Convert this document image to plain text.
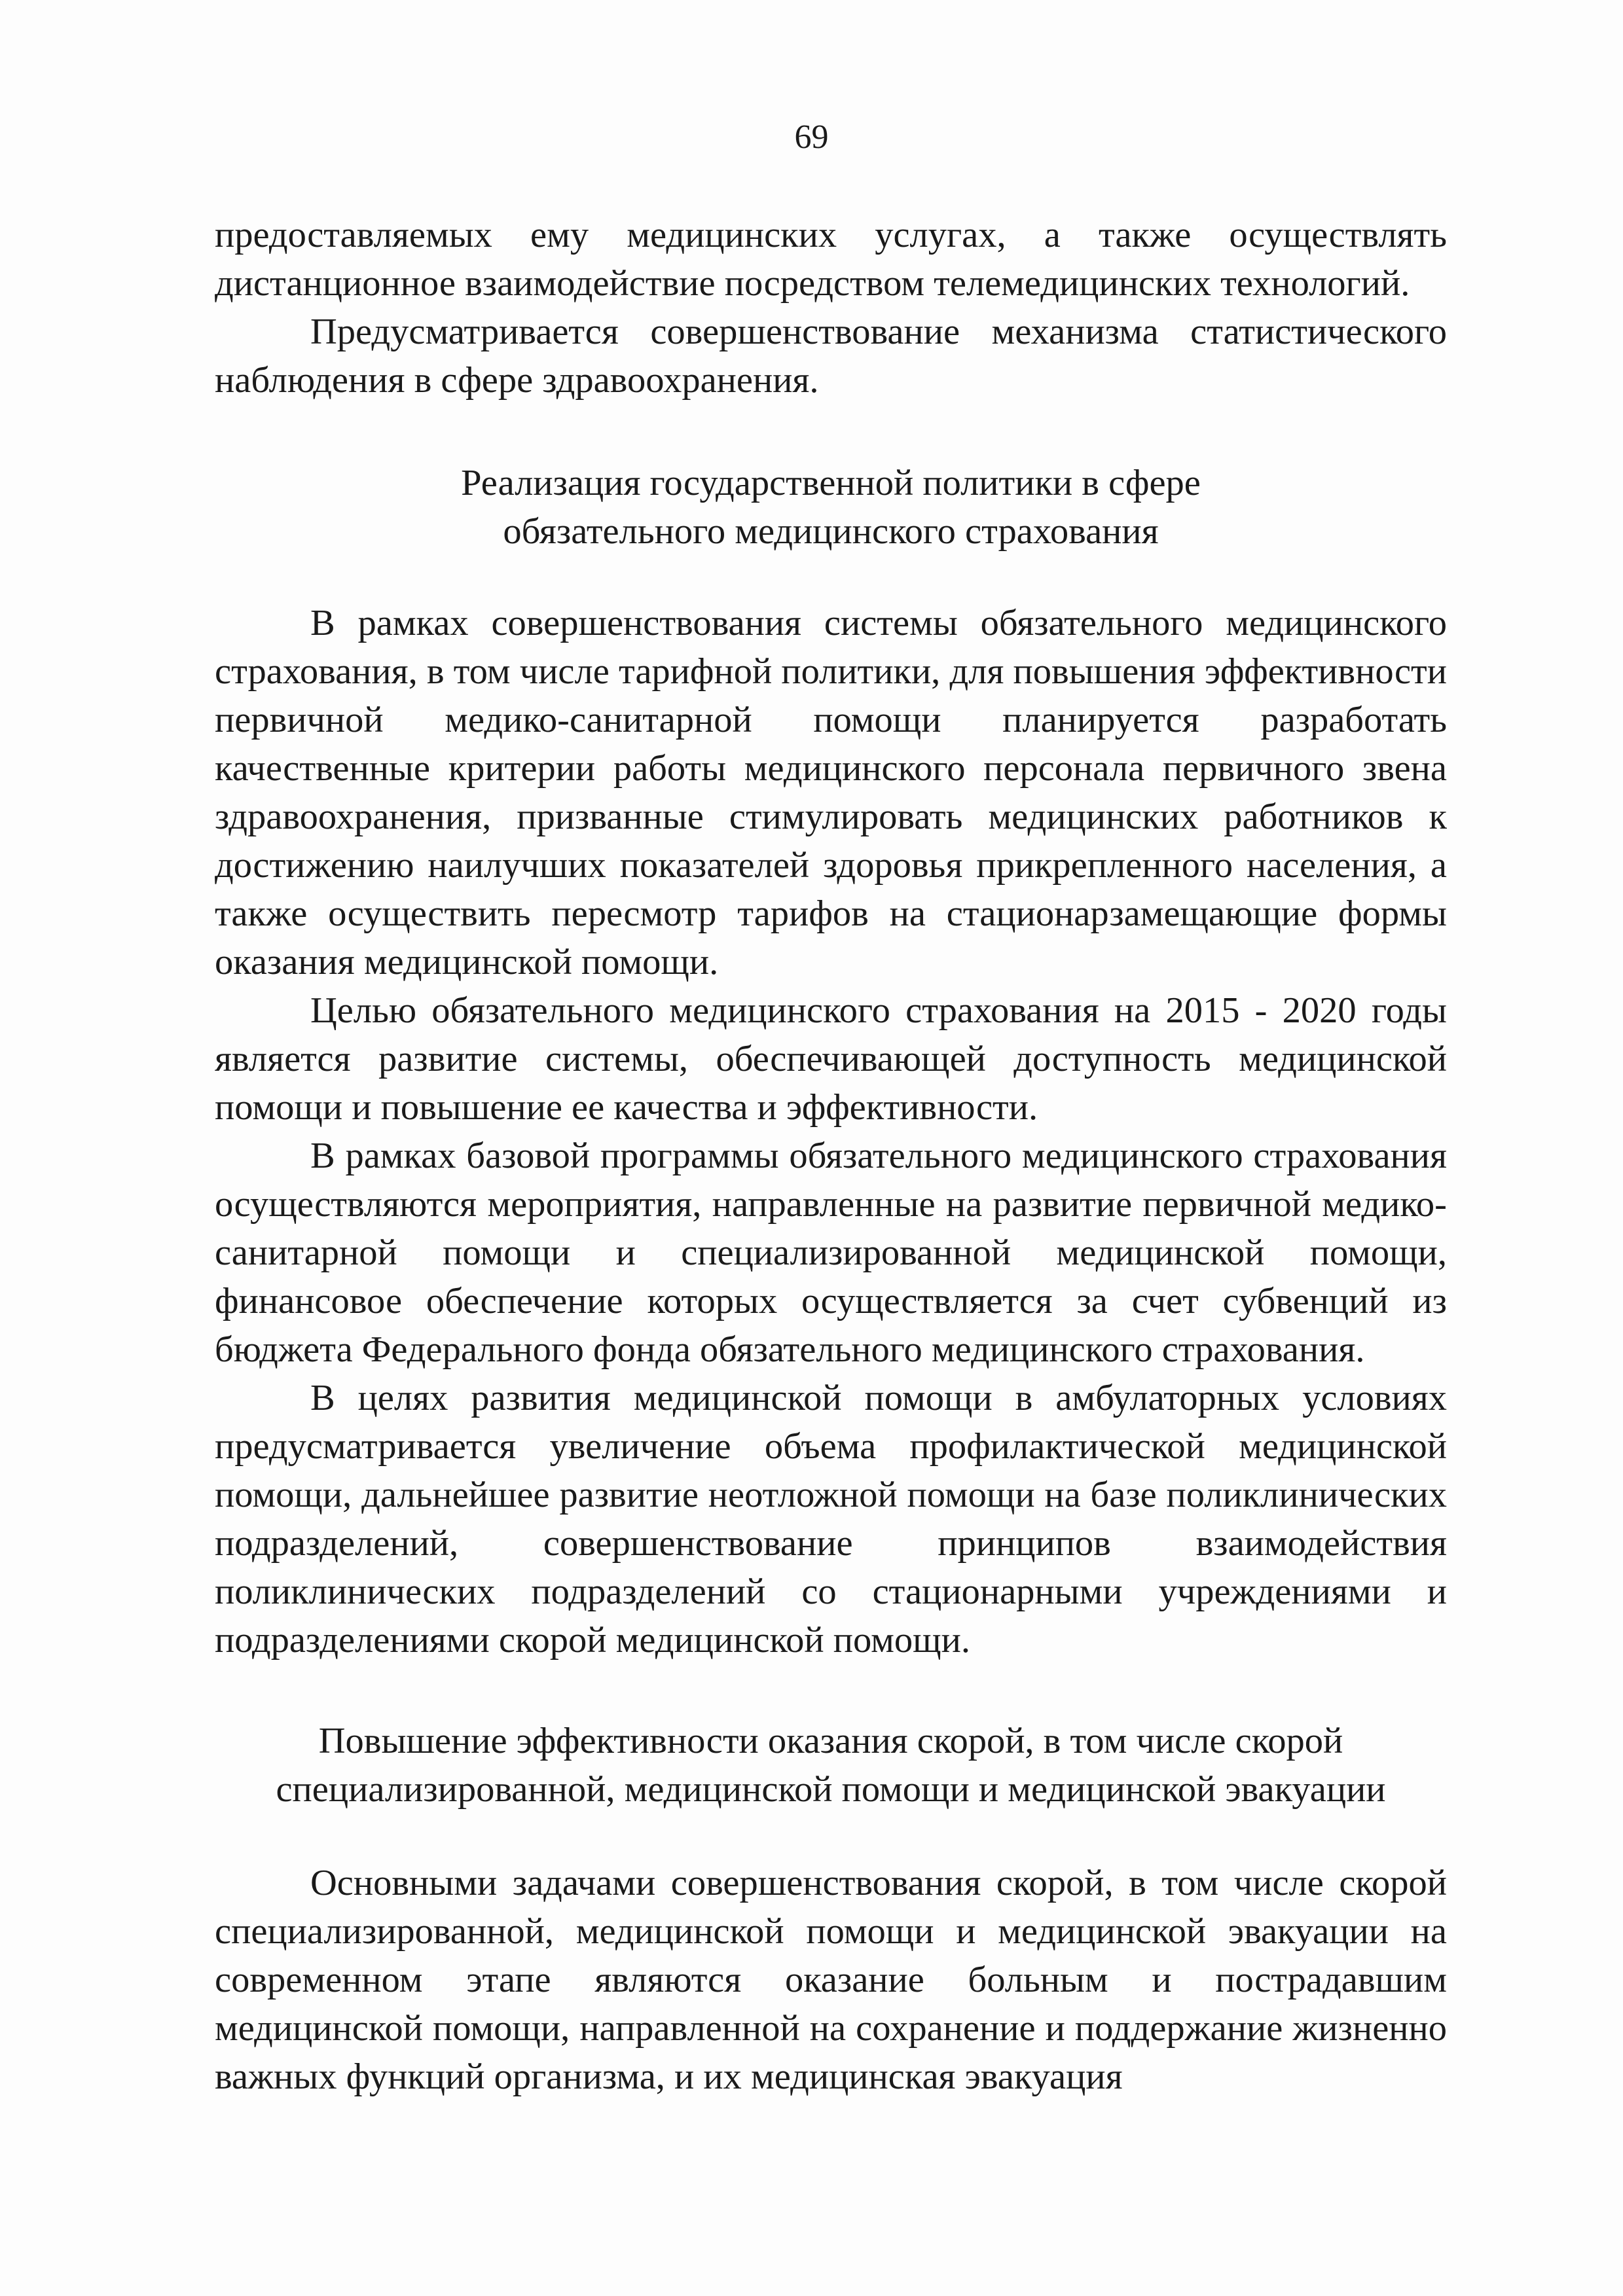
69

предоставляемых ему медицинских услугах, а также осуществлять дистанционное взаимодействие посредством телемедицинских технологий.

Предусматривается совершенствование механизма статистического наблюдения в сфере здравоохранения.

Реализация государственной политики в сфере

обязательного медицинского страхования

В рамках совершенствования системы обязательного медицинского страхования, в том числе тарифной политики, для повышения эффективности первичной медико-санитарной помощи планируется разработать качественные критерии работы медицинского персонала первичного звена здравоохранения, призванные стимулировать медицинских работников к достижению наилучших показателей здоровья прикрепленного населения, а также осуществить пересмотр тарифов на стационарзамещающие формы оказания медицинской помощи.

Целью обязательного медицинского страхования на 2015 - 2020 годы является развитие системы, обеспечивающей доступность медицинской помощи и повышение ее качества и эффективности.

В рамках базовой программы обязательного медицинского страхования осуществляются мероприятия, направленные на развитие первичной медико-санитарной помощи и специализированной медицинской помощи, финансовое обеспечение которых осуществляется за счет субвенций из бюджета Федерального фонда обязательного медицинского страхования.

В целях развития медицинской помощи в амбулаторных условиях предусматривается увеличение объема профилактической медицинской помощи, дальнейшее развитие неотложной помощи на базе поликлинических подразделений, совершенствование принципов взаимодействия поликлинических подразделений со стационарными учреждениями и подразделениями скорой медицинской помощи.

Повышение эффективности оказания скорой, в том числе скорой

специализированной, медицинской помощи и медицинской эвакуации

Основными задачами совершенствования скорой, в том числе скорой специализированной, медицинской помощи и медицинской эвакуации на современном этапе являются оказание больным и пострадавшим медицинской помощи, направленной на сохранение и поддержание жизненно важных функций организма, и их медицинская эвакуация
